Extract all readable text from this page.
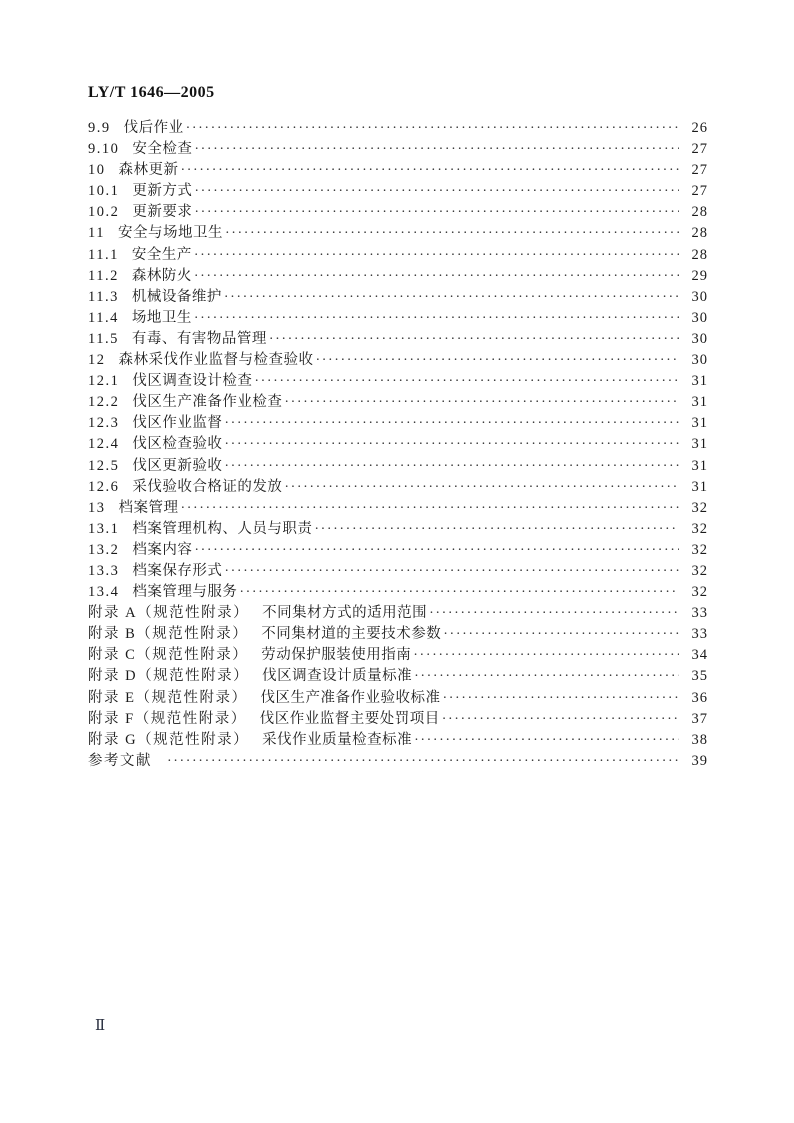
LY/T 1646—2005
9.9 伐后作业 ·····	26
9.10 安全检查 ·····	27
10 森林更新 ·····	27
10.1 更新方式 ·····	27
10.2 更新要求 ·····	28
11 安全与场地卫生 ·····	28
11.1 安全生产 ·····	28
11.2 森林防火 ·····	29
11.3 机械设备维护 ·····	30
11.4 场地卫生 ·····	30
11.5 有毒、有害物品管理 ·····	30
12 森林采伐作业监督与检查验收 ·····	30
12.1 伐区调查设计检查 ·····	31
12.2 伐区生产准备作业检查 ·····	31
12.3 伐区作业监督 ·····	31
12.4 伐区检查验收 ·····	31
12.5 伐区更新验收 ·····	31
12.6 采伐验收合格证的发放 ·····	31
13 档案管理 ·····	32
13.1 档案管理机构、人员与职责 ·····	32
13.2 档案内容 ·····	32
13.3 档案保存形式 ·····	32
13.4 档案管理与服务 ·····	32
附录 A（规范性附录） 不同集材方式的适用范围 ·····	33
附录 B（规范性附录） 不同集材道的主要技术参数 ·····	33
附录 C（规范性附录） 劳动保护服装使用指南 ·····	34
附录 D（规范性附录） 伐区调查设计质量标准 ·····	35
附录 E（规范性附录） 伐区生产准备作业验收标准 ·····	36
附录 F（规范性附录） 伐区作业监督主要处罚项目 ·····	37
附录 G（规范性附录） 采伐作业质量检查标准 ·····	38
参考文献 ·····	39
Ⅱ
